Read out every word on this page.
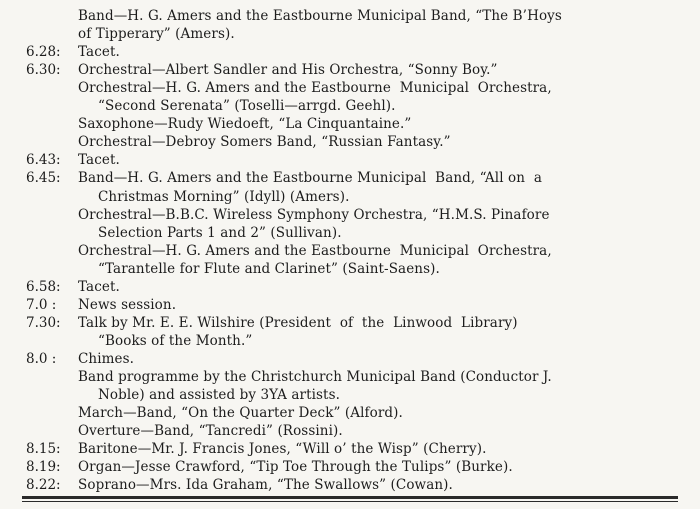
Band—H. G. Amers and the Eastbourne Municipal Band, “The B’Hoys
of Tipperary” (Amers).
6.28: Tacet.
6.30: Orchestral—Albert Sandler and His Orchestra, “Sonny Boy.”
Orchestral—H. G. Amers and the Eastbourne  Municipal  Orchestra,
“Second Serenata” (Toselli—arrgd. Geehl).
Saxophone—Rudy Wiedoeft, “La Cinquantaine.”
Orchestral—Debroy Somers Band, “Russian Fantasy.”
6.43: Tacet.
6.45: Band—H. G. Amers and the Eastbourne Municipal  Band, “All on  a
Christmas Morning” (Idyll) (Amers).
Orchestral—B.B.C. Wireless Symphony Orchestra, “H.M.S. Pinafore
Selection Parts 1 and 2” (Sullivan).
Orchestral—H. G. Amers and the Eastbourne  Municipal  Orchestra,
“Tarantelle for Flute and Clarinet” (Saint-Saens).
6.58: Tacet.
7.0 : News session.
7.30: Talk by Mr. E. E. Wilshire (President  of  the  Linwood  Library)
“Books of the Month.”
8.0 : Chimes.
Band programme by the Christchurch Municipal Band (Conductor J.
Noble) and assisted by 3YA artists.
March—Band, “On the Quarter Deck” (Alford).
Overture—Band, “Tancredi” (Rossini).
8.15: Baritone—Mr. J. Francis Jones, “Will o’ the Wisp” (Cherry).
8.19: Organ—Jesse Crawford, “Tip Toe Through the Tulips” (Burke).
8.22: Soprano—Mrs. Ida Graham, “The Swallows” (Cowan).
